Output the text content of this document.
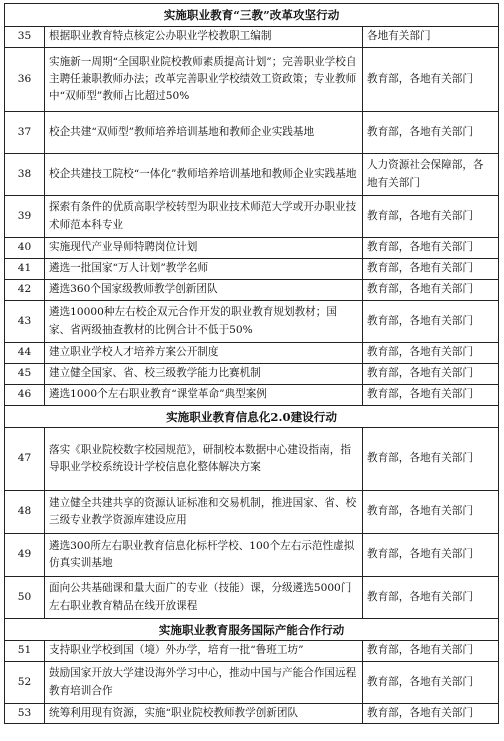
实施职业教育“三教”改革攻坚行动		
35	根据职业教育特点核定公办职业学校教职工编制	各地有关部门
36	实施新一周期“全国职业院校教师素质提高计划”；完善职业学校自主聘任兼职教师办法；改革完善职业学校绩效工资政策；专业教师中“双师型”教师占比超过50%	教育部，各地有关部门
37	校企共建“双师型”教师培养培训基地和教师企业实践基地	教育部，各地有关部门
38	校企共建技工院校“一体化”教师培养培训基地和教师企业实践基地	人力资源社会保障部，各地有关部门
39	探索有条件的优质高职学校转型为职业技术师范大学或开办职业技术师范本科专业	教育部，各地有关部门
40	实施现代产业导师特聘岗位计划	教育部，各地有关部门
41	遴选一批国家“万人计划”教学名师	教育部，各地有关部门
42	遴选360个国家级教师教学创新团队	教育部，各地有关部门
43	遴选10000种左右校企双元合作开发的职业教育规划教材；国家、省两级抽查教材的比例合计不低于50%	教育部，各地有关部门
44	建立职业学校人才培养方案公开制度	教育部，各地有关部门
45	建立健全国家、省、校三级教学能力比赛机制	教育部，各地有关部门
46	遴选1000个左右职业教育“课堂革命”典型案例	教育部，各地有关部门
实施职业教育信息化2.0建设行动		
47	落实《职业院校数字校园规范》，研制校本数据中心建设指南，指导职业学校系统设计学校信息化整体解决方案	教育部，各地有关部门
48	建立健全共建共享的资源认证标准和交易机制，推进国家、省、校三级专业教学资源库建设应用	教育部，各地有关部门
49	遴选300所左右职业教育信息化标杆学校、100个左右示范性虚拟仿真实训基地	教育部，各地有关部门
50	面向公共基础课和量大面广的专业（技能）课，分级遴选5000门左右职业教育精品在线开放课程	教育部，各地有关部门
实施职业教育服务国际产能合作行动		
51	支持职业学校到国（境）外办学，培育一批“鲁班工坊”	教育部，各地有关部门
52	鼓励国家开放大学建设海外学习中心，推动中国与产能合作国远程教育培训合作	教育部，各地有关部门
53	统筹利用现有资源，实施“职业院校教师教学创新团队	教育部，各地有关部门
